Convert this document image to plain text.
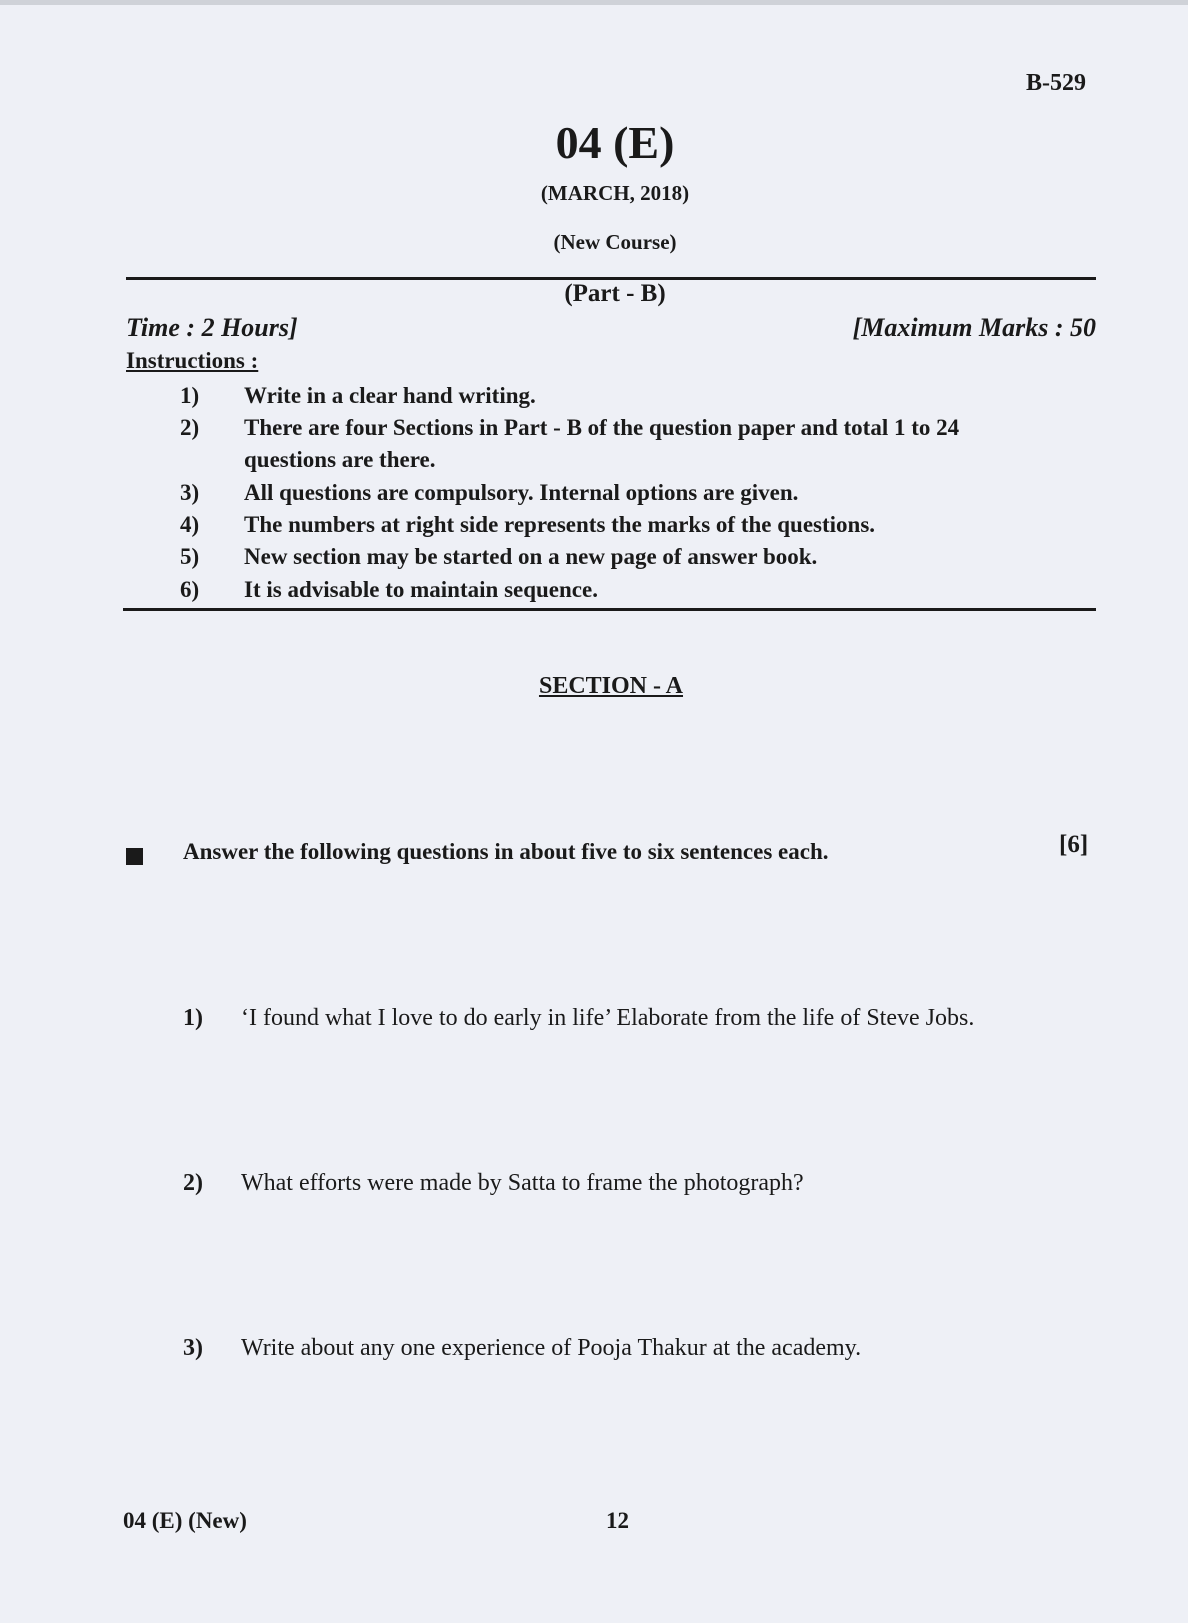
B-529
04 (E)
(MARCH, 2018)
(New Course)
(Part - B)
Time : 2 Hours]	[Maximum Marks : 50
Instructions :
1) Write in a clear hand writing.
2) There are four Sections in Part - B of the question paper and total 1 to 24
questions are there.
3) All questions are compulsory. Internal options are given.
4) The numbers at right side represents the marks of the questions.
5) New section may be started on a new page of answer book.
6) It is advisable to maintain sequence.
SECTION - A
Answer the following questions in about five to six sentences each.	[6]
1) ‘I found what I love to do early in life’ Elaborate from the life of Steve Jobs.
2) What efforts were made by Satta to frame the photograph?
3) Write about any one experience of Pooja Thakur at the academy.
04 (E) (New)	12
